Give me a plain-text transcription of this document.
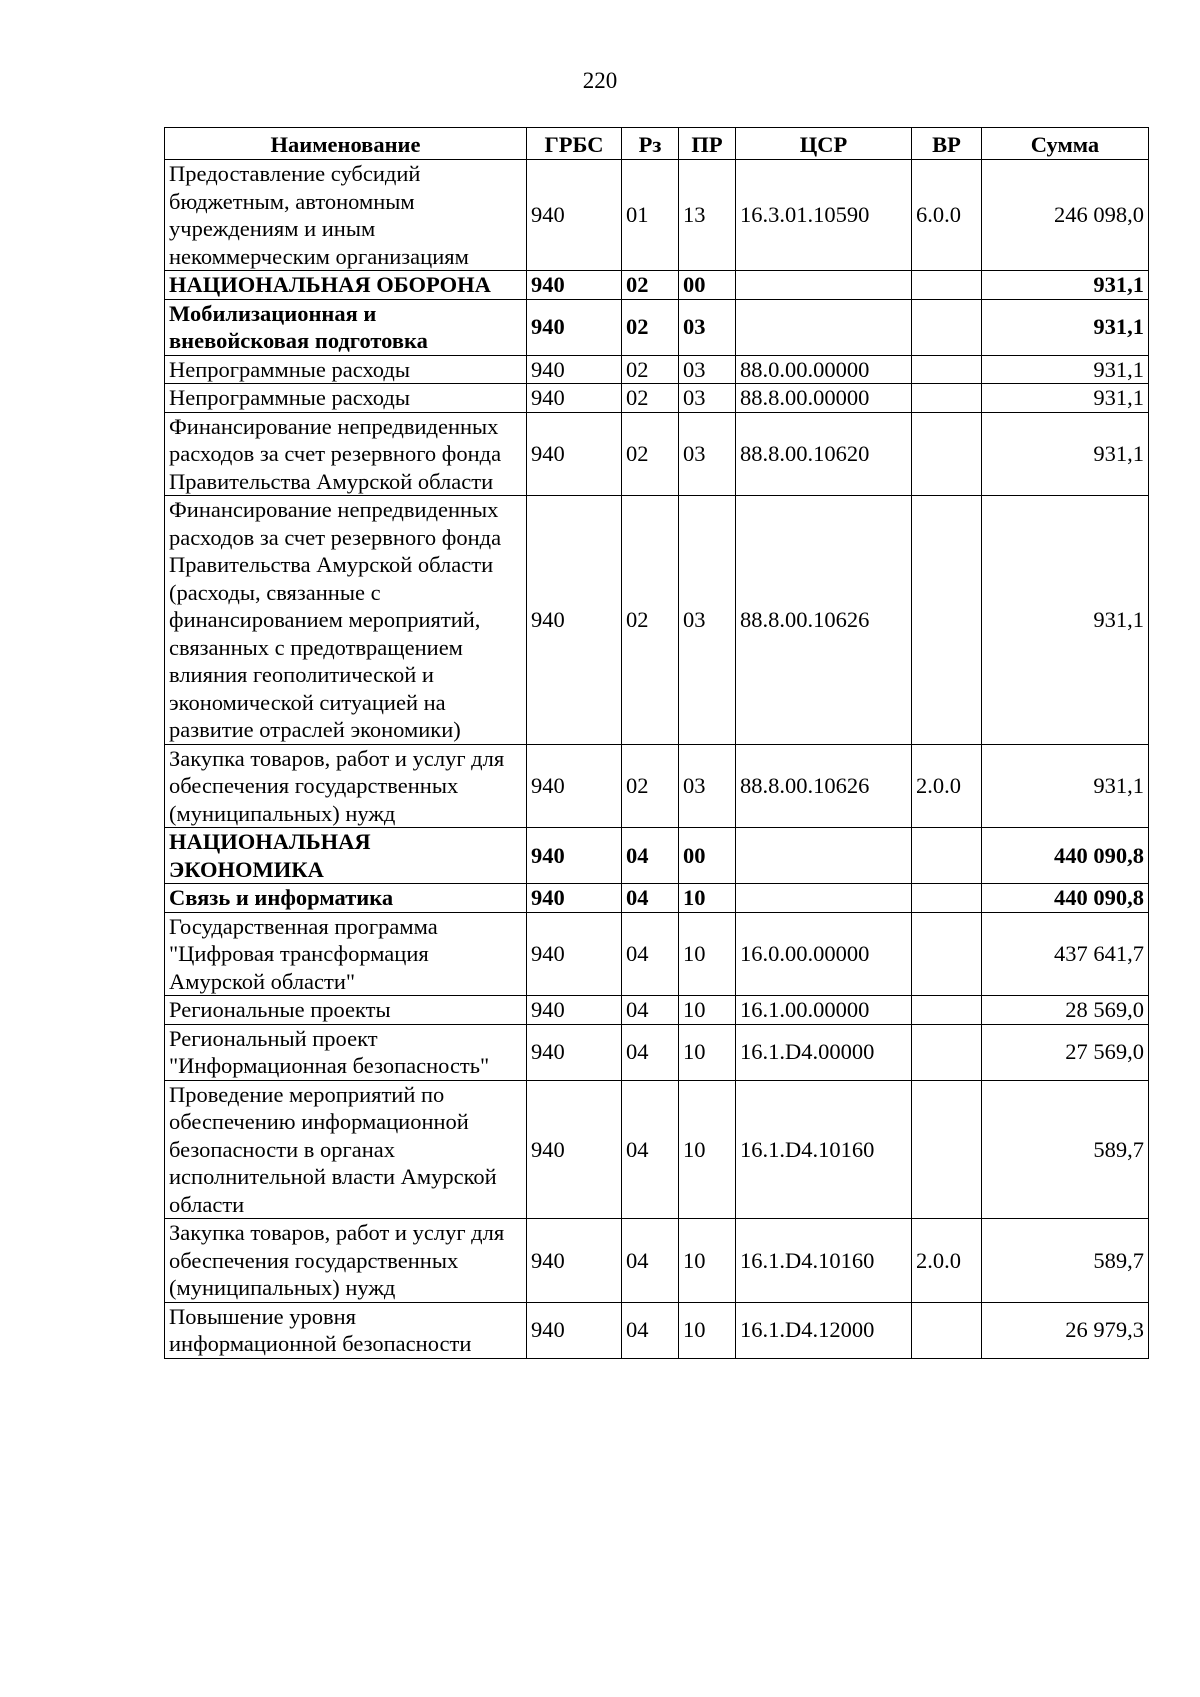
220
Наименование	ГРБС	Рз	ПР	ЦСР	ВР	Сумма
Предоставление субсидий бюджетным, автономным учреждениям и иным некоммерческим организациям	940	01	13	16.3.01.10590	6.0.0	246 098,0
НАЦИОНАЛЬНАЯ ОБОРОНА	940	02	00			931,1
Мобилизационная и вневойсковая подготовка	940	02	03			931,1
Непрограммные расходы	940	02	03	88.0.00.00000		931,1
Непрограммные расходы	940	02	03	88.8.00.00000		931,1
Финансирование непредвиденных расходов за счет резервного фонда Правительства Амурской области	940	02	03	88.8.00.10620		931,1
Финансирование непредвиденных расходов за счет резервного фонда Правительства Амурской области (расходы, связанные с финансированием мероприятий, связанных с предотвращением влияния геополитической и экономической ситуацией на развитие отраслей экономики)	940	02	03	88.8.00.10626		931,1
Закупка товаров, работ и услуг для обеспечения государственных (муниципальных) нужд	940	02	03	88.8.00.10626	2.0.0	931,1
НАЦИОНАЛЬНАЯ ЭКОНОМИКА	940	04	00			440 090,8
Связь и информатика	940	04	10			440 090,8
Государственная программа "Цифровая трансформация Амурской области"	940	04	10	16.0.00.00000		437 641,7
Региональные проекты	940	04	10	16.1.00.00000		28 569,0
Региональный проект "Информационная безопасность"	940	04	10	16.1.D4.00000		27 569,0
Проведение мероприятий по обеспечению информационной безопасности в органах исполнительной власти Амурской области	940	04	10	16.1.D4.10160		589,7
Закупка товаров, работ и услуг для обеспечения государственных (муниципальных) нужд	940	04	10	16.1.D4.10160	2.0.0	589,7
Повышение уровня информационной безопасности	940	04	10	16.1.D4.12000		26 979,3
